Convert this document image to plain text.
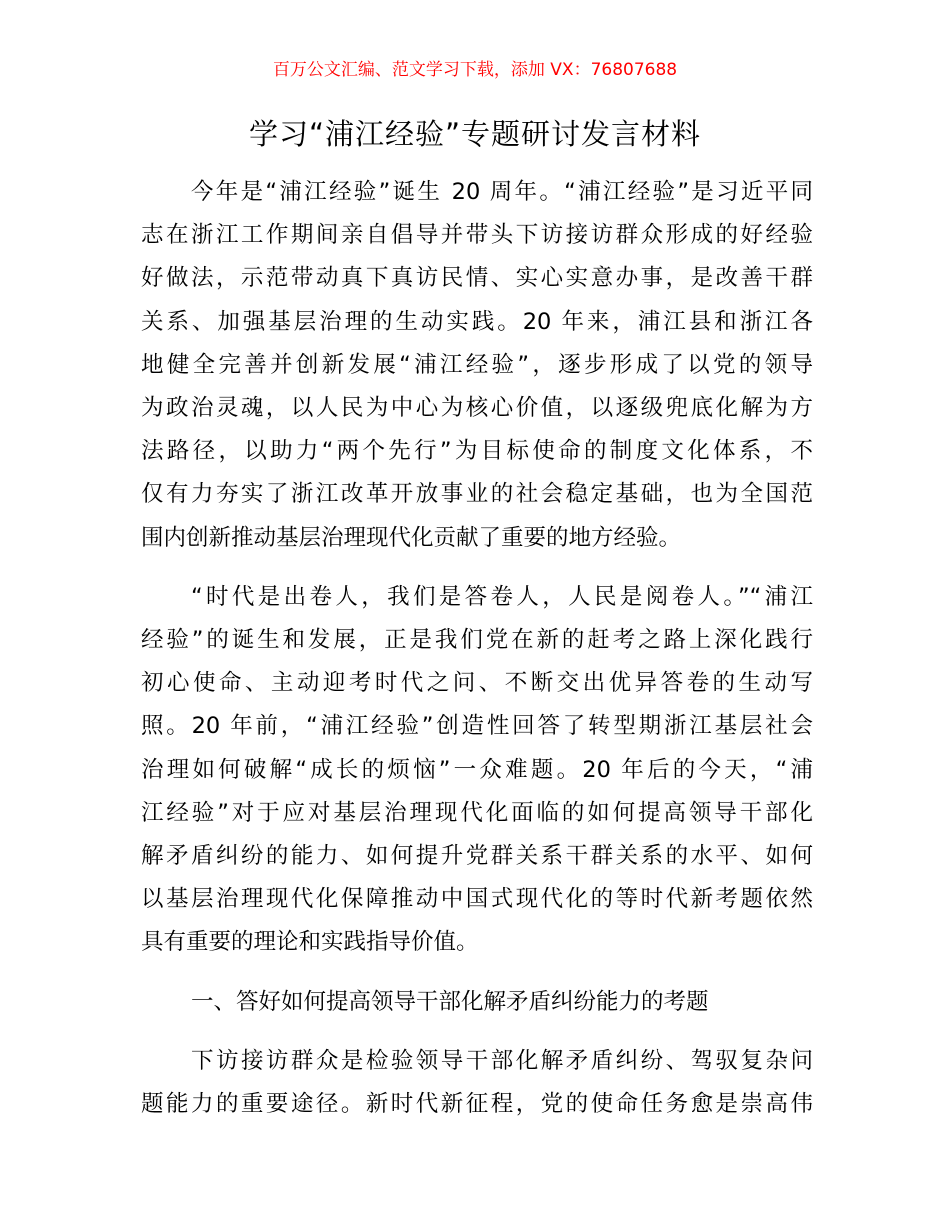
百万公文汇编、范文学习下载，添加 VX：76807688
学习“浦江经验”专题研讨发言材料

今年是“浦江经验”诞生 20 周年。“浦江经验”是习近平同
志在浙江工作期间亲自倡导并带头下访接访群众形成的好经验
好做法，示范带动真下真访民情、实心实意办事，是改善干群
关系、加强基层治理的生动实践。20 年来，浦江县和浙江各
地健全完善并创新发展“浦江经验”，逐步形成了以党的领导
为政治灵魂，以人民为中心为核心价值，以逐级兜底化解为方
法路径，以助力“两个先行”为目标使命的制度文化体系，不
仅有力夯实了浙江改革开放事业的社会稳定基础，也为全国范
围内创新推动基层治理现代化贡献了重要的地方经验。

“时代是出卷人，我们是答卷人，人民是阅卷人。”“浦江
经验”的诞生和发展，正是我们党在新的赶考之路上深化践行
初心使命、主动迎考时代之问、不断交出优异答卷的生动写
照。20 年前，“浦江经验”创造性回答了转型期浙江基层社会
治理如何破解“成长的烦恼”一众难题。20 年后的今天，“浦
江经验”对于应对基层治理现代化面临的如何提高领导干部化
解矛盾纠纷的能力、如何提升党群关系干群关系的水平、如何
以基层治理现代化保障推动中国式现代化的等时代新考题依然
具有重要的理论和实践指导价值。

一、答好如何提高领导干部化解矛盾纠纷能力的考题

下访接访群众是检验领导干部化解矛盾纠纷、驾驭复杂问
题能力的重要途径。新时代新征程，党的使命任务愈是崇高伟
